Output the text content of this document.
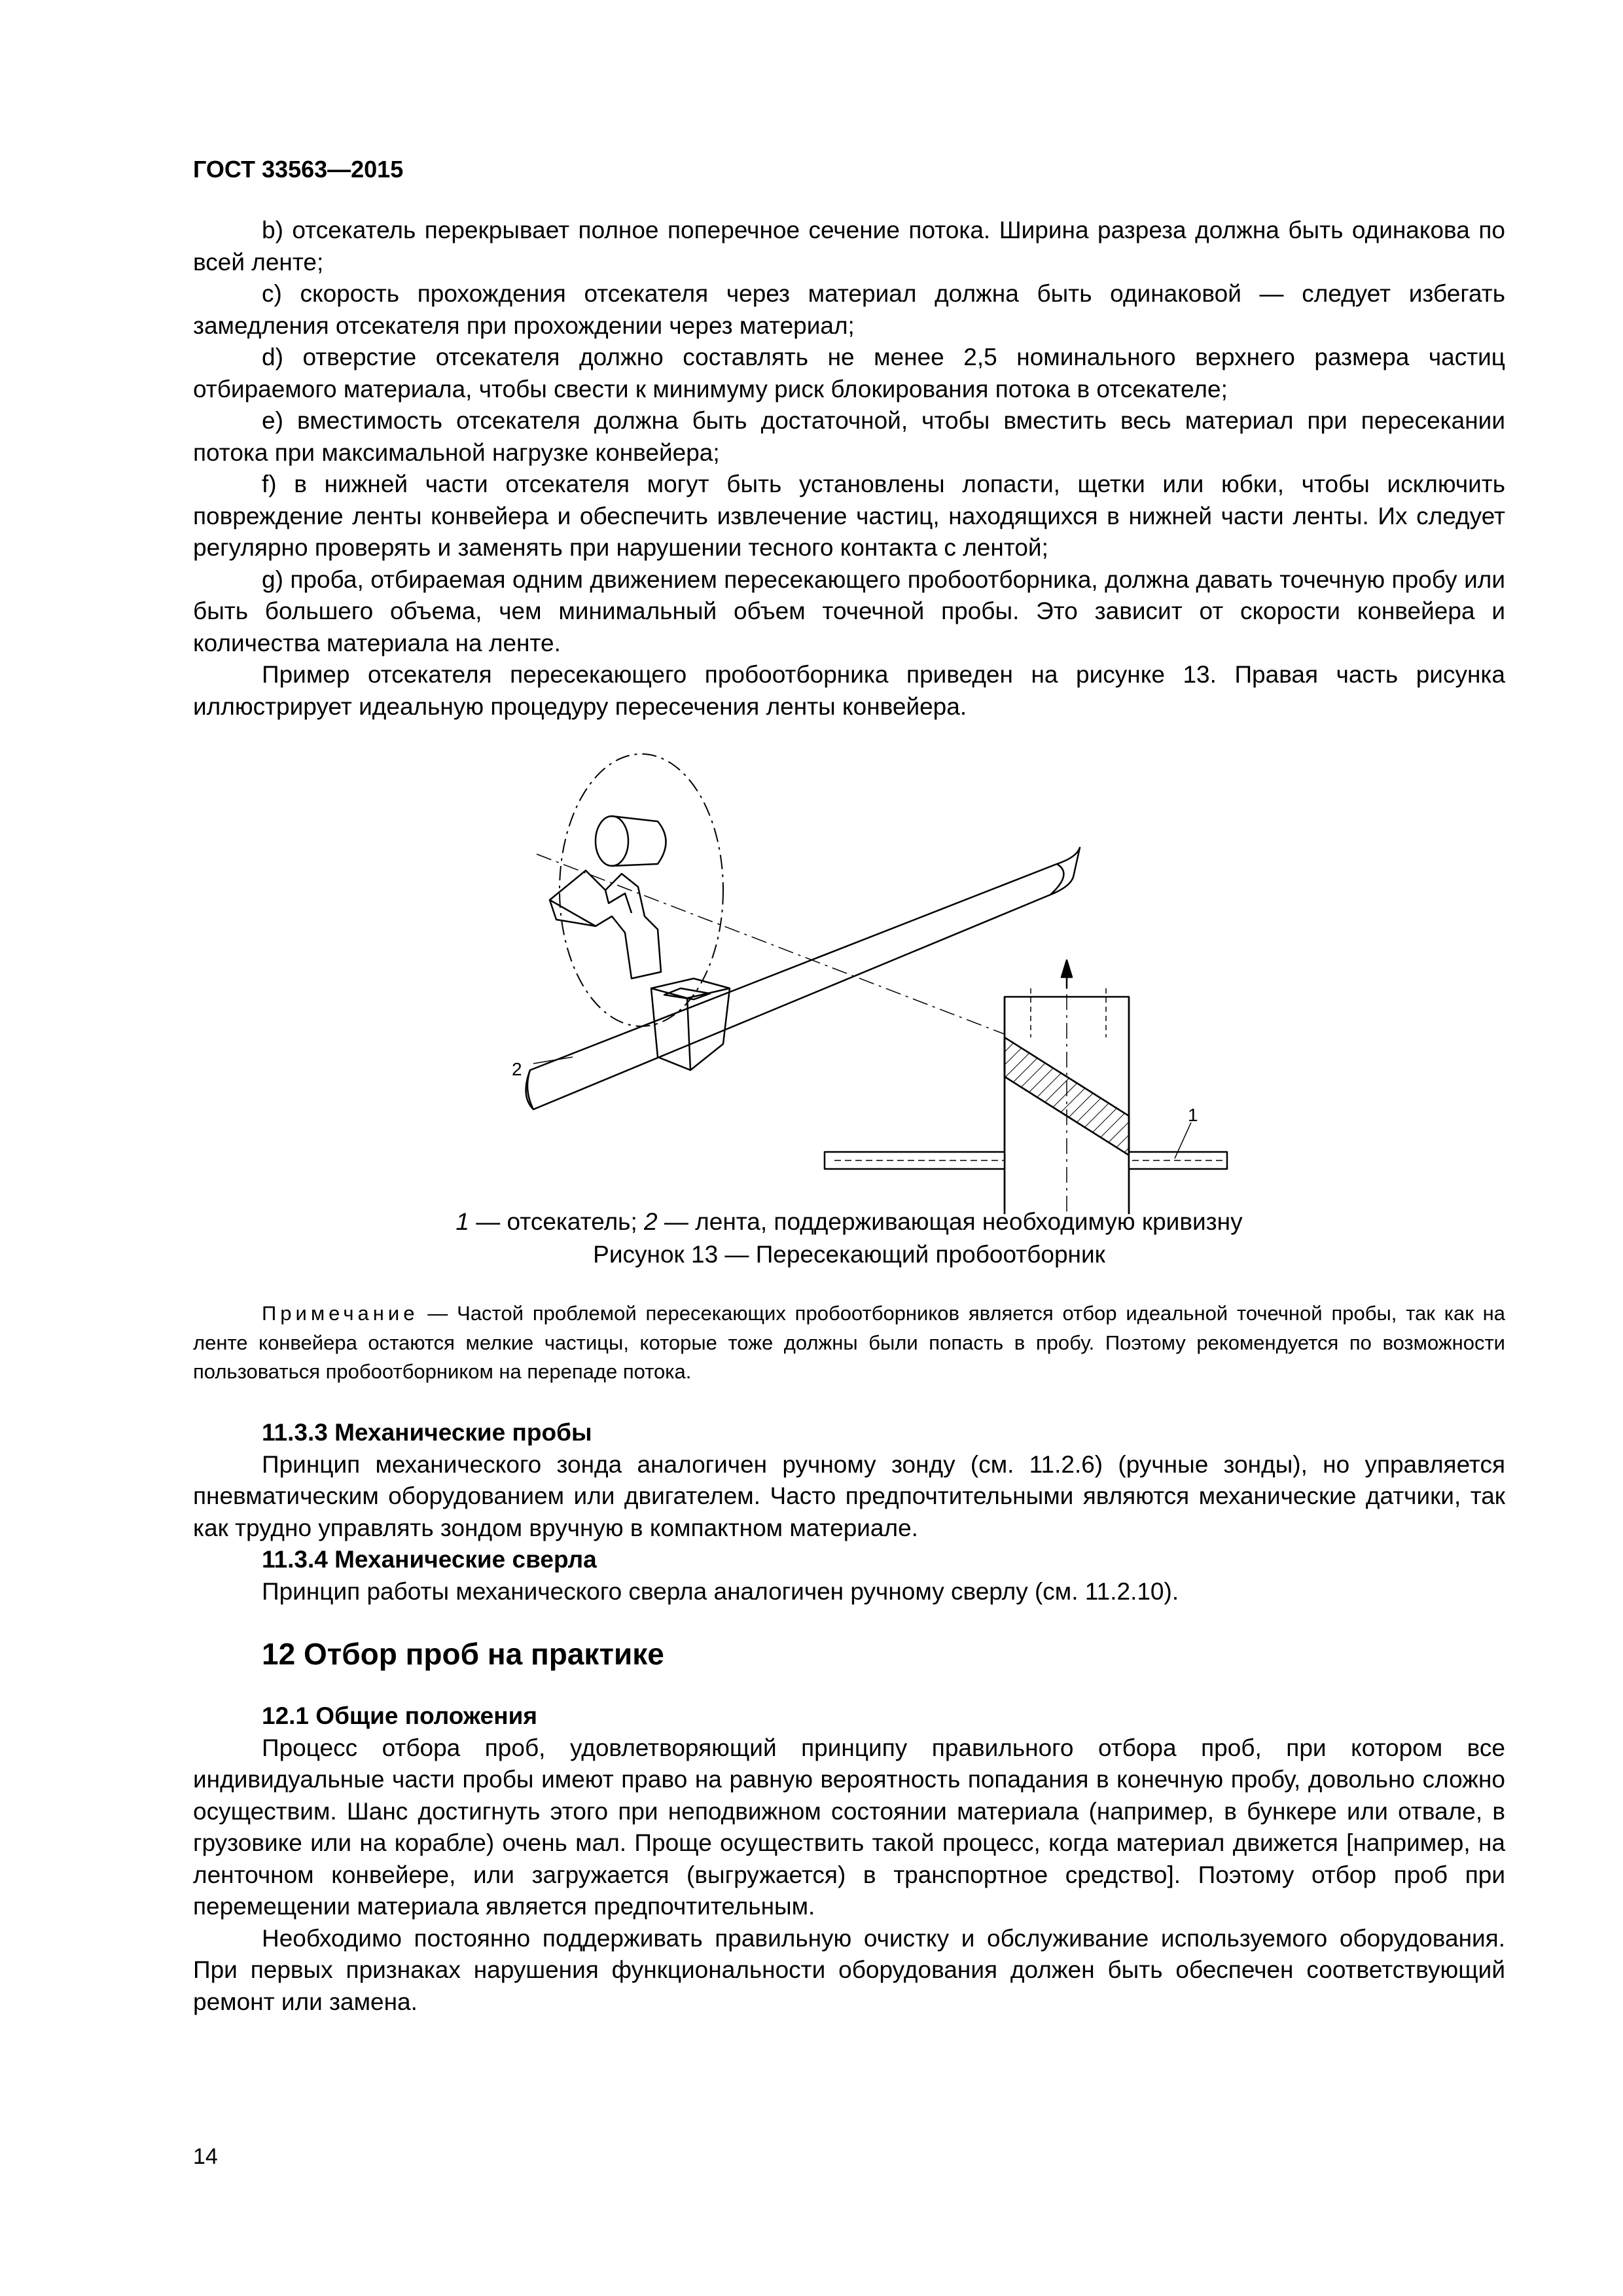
ГОСТ 33563—2015

b) отсекатель перекрывает полное поперечное сечение потока. Ширина разреза должна быть одинакова по всей ленте;

c) скорость прохождения отсекателя через материал должна быть одинаковой — следует избегать замедления отсекателя при прохождении через материал;

d) отверстие отсекателя должно составлять не менее 2,5 номинального верхнего размера частиц отбираемого материала, чтобы свести к минимуму риск блокирования потока в отсекателе;

e) вместимость отсекателя должна быть достаточной, чтобы вместить весь материал при пересекании потока при максимальной нагрузке конвейера;

f) в нижней части отсекателя могут быть установлены лопасти, щетки или юбки, чтобы исключить повреждение ленты конвейера и обеспечить извлечение частиц, находящихся в нижней части ленты. Их следует регулярно проверять и заменять при нарушении тесного контакта с лентой;

g) проба, отбираемая одним движением пересекающего пробоотборника, должна давать точечную пробу или быть большего объема, чем минимальный объем точечной пробы. Это зависит от скорости конвейера и количества материала на ленте.

Пример отсекателя пересекающего пробоотборника приведен на рисунке 13. Правая часть рисунка иллюстрирует идеальную процедуру пересечения ленты конвейера.

2
1
1 — отсекатель; 2 — лента, поддерживающая необходимую кривизну
Рисунок 13 — Пересекающий пробоотборник

Примечание — Частой проблемой пересекающих пробоотборников является отбор идеальной точечной пробы, так как на ленте конвейера остаются мелкие частицы, которые тоже должны были попасть в пробу. Поэтому рекомендуется по возможности пользоваться пробоотборником на перепаде потока.

11.3.3 Механические пробы

Принцип механического зонда аналогичен ручному зонду (см. 11.2.6) (ручные зонды), но управляется пневматическим оборудованием или двигателем. Часто предпочтительными являются механические датчики, так как трудно управлять зондом вручную в компактном материале.

11.3.4 Механические сверла

Принцип работы механического сверла аналогичен ручному сверлу (см. 11.2.10).

12 Отбор проб на практике

12.1 Общие положения

Процесс отбора проб, удовлетворяющий принципу правильного отбора проб, при котором все индивидуальные части пробы имеют право на равную вероятность попадания в конечную пробу, довольно сложно осуществим. Шанс достигнуть этого при неподвижном состоянии материала (например, в бункере или отвале, в грузовике или на корабле) очень мал. Проще осуществить такой процесс, когда материал движется [например, на ленточном конвейере, или загружается (выгружается) в транспортное средство]. Поэтому отбор проб при перемещении материала является предпочтительным.

Необходимо постоянно поддерживать правильную очистку и обслуживание используемого оборудования. При первых признаках нарушения функциональности оборудования должен быть обеспечен соответствующий ремонт или замена.

14
